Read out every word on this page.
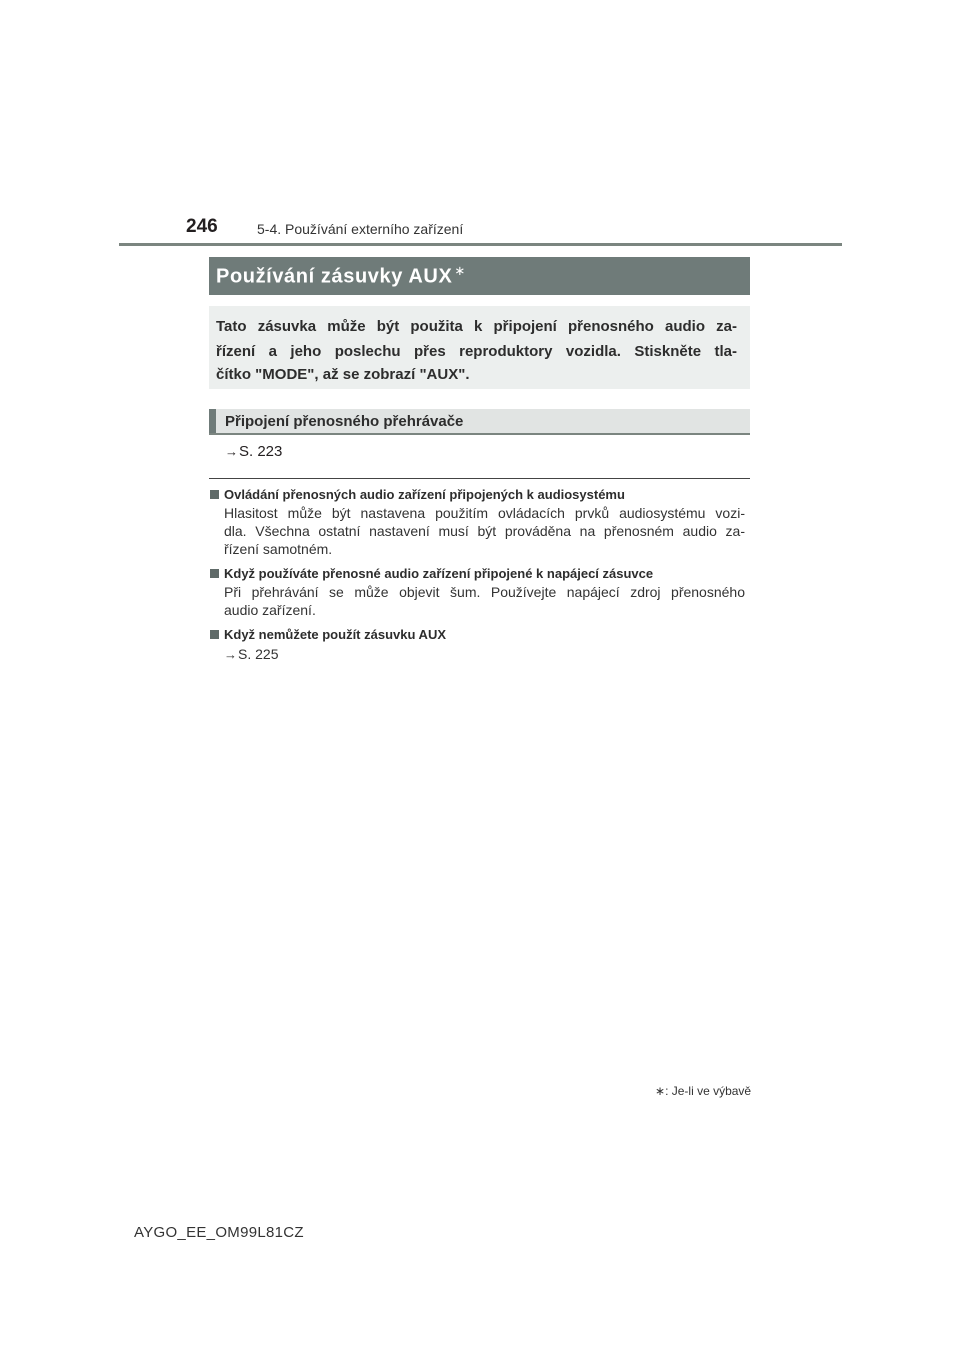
246	5-4. Používání externího zařízení
Používání zásuvky AUX ∗
Tato zásuvka může být použita k připojení přenosného audio za-
řízení a jeho poslechu přes reproduktory vozidla. Stiskněte tla-
čítko "MODE", až se zobrazí "AUX".
Připojení přenosného přehrávače
→S. 223
Ovládání přenosných audio zařízení připojených k audiosystému
Hlasitost může být nastavena použitím ovládacích prvků audiosystému vozi-
dla. Všechna ostatní nastavení musí být prováděna na přenosném audio za-
řízení samotném.
Když používáte přenosné audio zařízení připojené k napájecí zásuvce
Při přehrávání se může objevit šum. Používejte napájecí zdroj přenosného
audio zařízení.
Když nemůžete použít zásuvku AUX
→S. 225
∗: Je-li ve výbavě
AYGO_EE_OM99L81CZ
